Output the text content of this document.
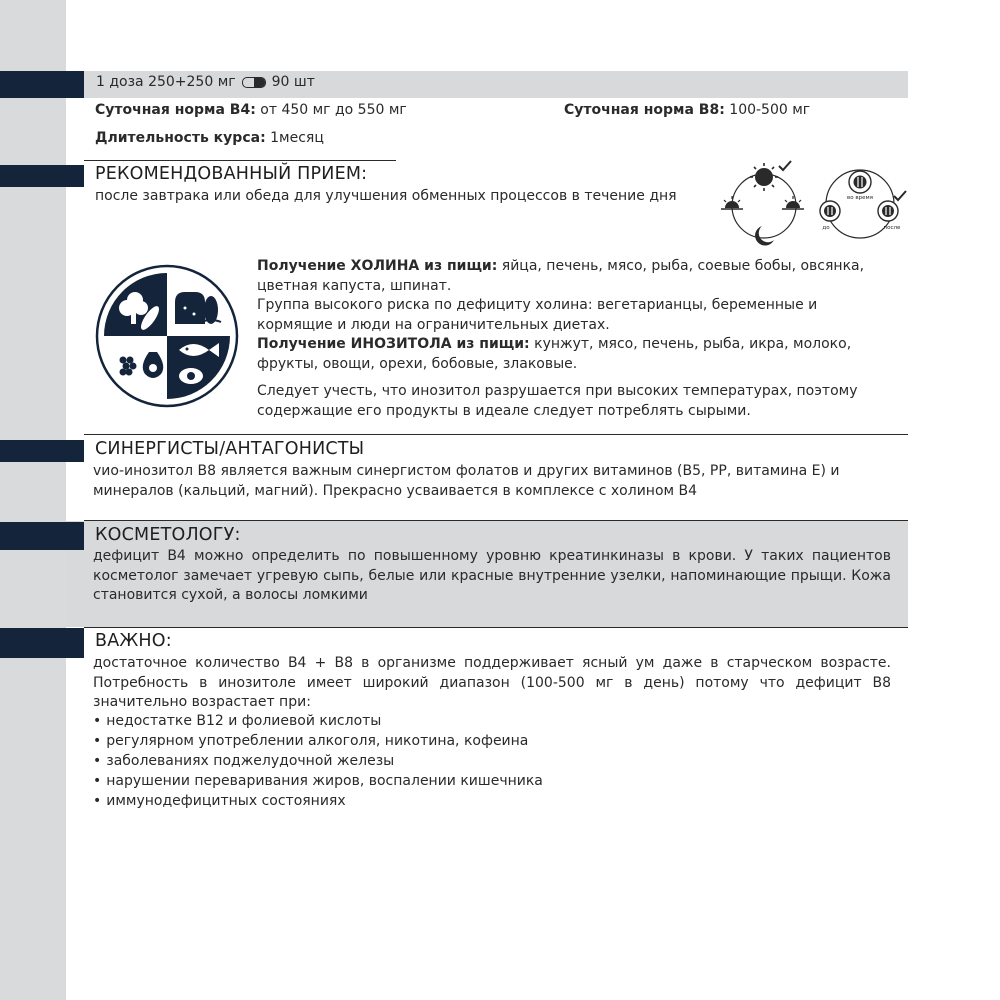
1 доза 250+250 мг	90 шт
Суточная норма В4: от 450 мг до 550 мг	Суточная норма В8: 100-500 мг
Длительность курса: 1месяц
РЕКОМЕНДОВАННЫЙ ПРИЕМ:
после завтрака или обеда для улучшения обменных процессов в течение дня	во время
до	после
Получение ХОЛИНА из пищи: яйца, печень, мясо, рыба, соевые бобы, овсянка, цветная капуста, шпинат.
Группа высокого риска по дефициту холина: вегетарианцы, беременные и кормящие и люди на ограничительных диетах.
Получение ИНОЗИТОЛА из пищи: кунжут, мясо, печень, рыба, икра, молоко, фрукты, овощи, орехи, бобовые, злаковые.
Следует учесть, что инозитол разрушается при высоких температурах, поэтому содержащие его продукты в идеале следует потреблять сырыми.
СИНЕРГИСТЫ/АНТАГОНИСТЫ
vио-инозитол В8 является важным синергистом фолатов и других витаминов (В5, РР, витамина Е) и минералов (кальций, магний). Прекрасно усваивается в комплексе с холином В4
КОСМЕТОЛОГУ:
дефицит В4 можно определить по повышенному уровню креатинкиназы в крови. У таких пациентов косметолог замечает угревую сыпь, белые или красные внутренние узелки, напоминающие прыщи. Кожа становится сухой, а волосы ломкими
ВАЖНО:
достаточное количество В4 + В8 в организме поддерживает ясный ум даже в старческом возрасте. Потребность в инозитоле имеет широкий диапазон (100-500 мг в день) потому что дефицит В8 значительно возрастает при:
• недостатке В12 и фолиевой кислоты
• регулярном употреблении алкоголя, никотина, кофеина
• заболеваниях поджелудочной железы
• нарушении переваривания жиров, воспалении кишечника
• иммунодефицитных состояниях
